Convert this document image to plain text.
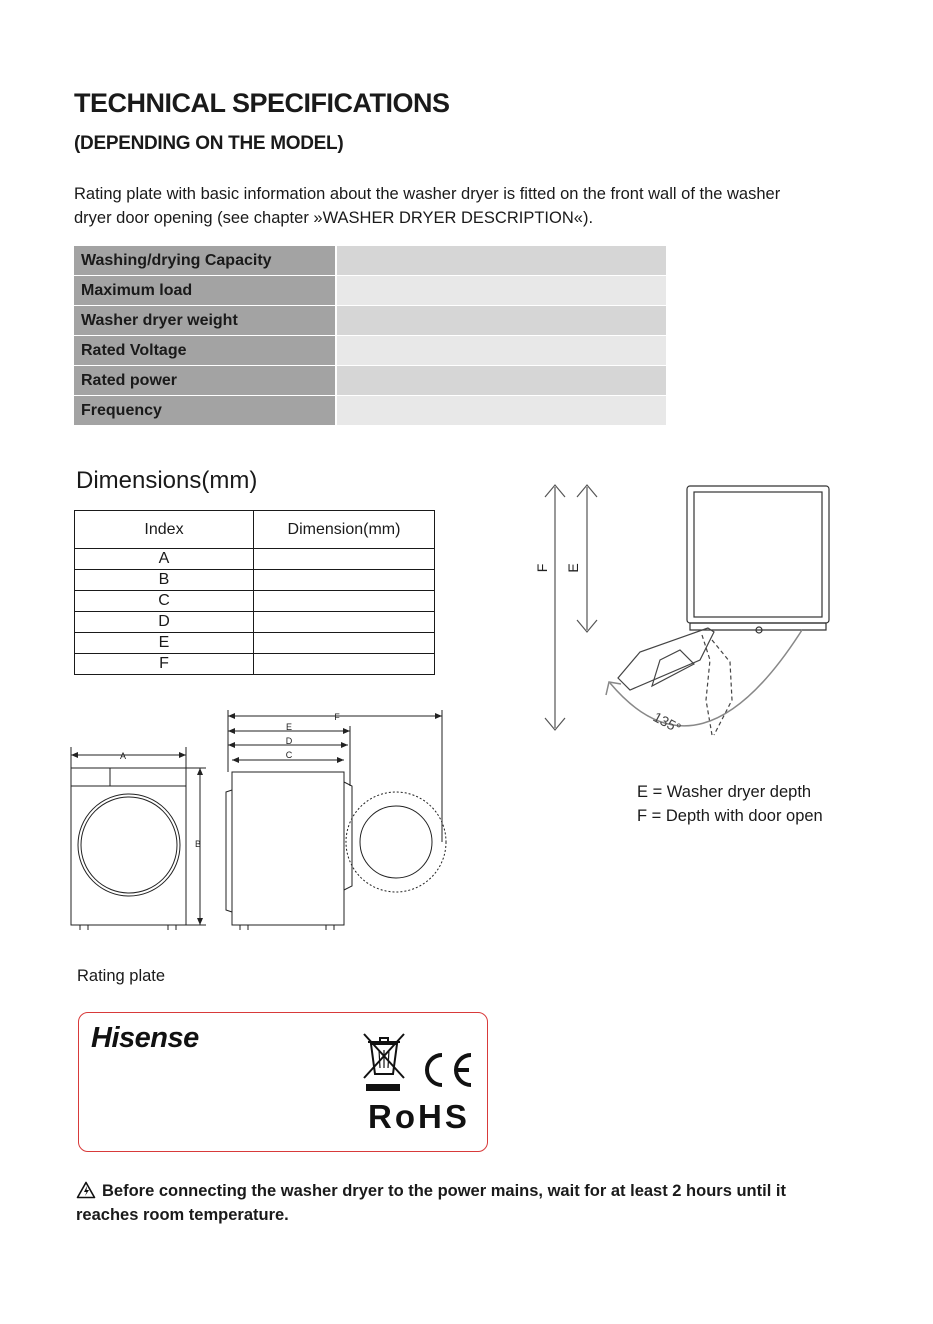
TECHNICAL SPECIFICATIONS
(DEPENDING ON THE MODEL)
Rating plate with basic information about the washer dryer is fitted on the front wall of the washer dryer door opening (see chapter »WASHER DRYER DESCRIPTION«).
Washing/drying Capacity
Maximum load
Washer dryer weight
Rated Voltage
Rated power
Frequency
Dimensions(mm)
Index	Dimension(mm)
A	
B	
C	
D	
E	
F	
A
B
F
E
D
C
F E
135°
E = Washer dryer depth
F = Depth with door open
Rating plate
Hisense	CE
RoHS
Before connecting the washer dryer to the power mains, wait for at least 2 hours until it reaches room temperature.
